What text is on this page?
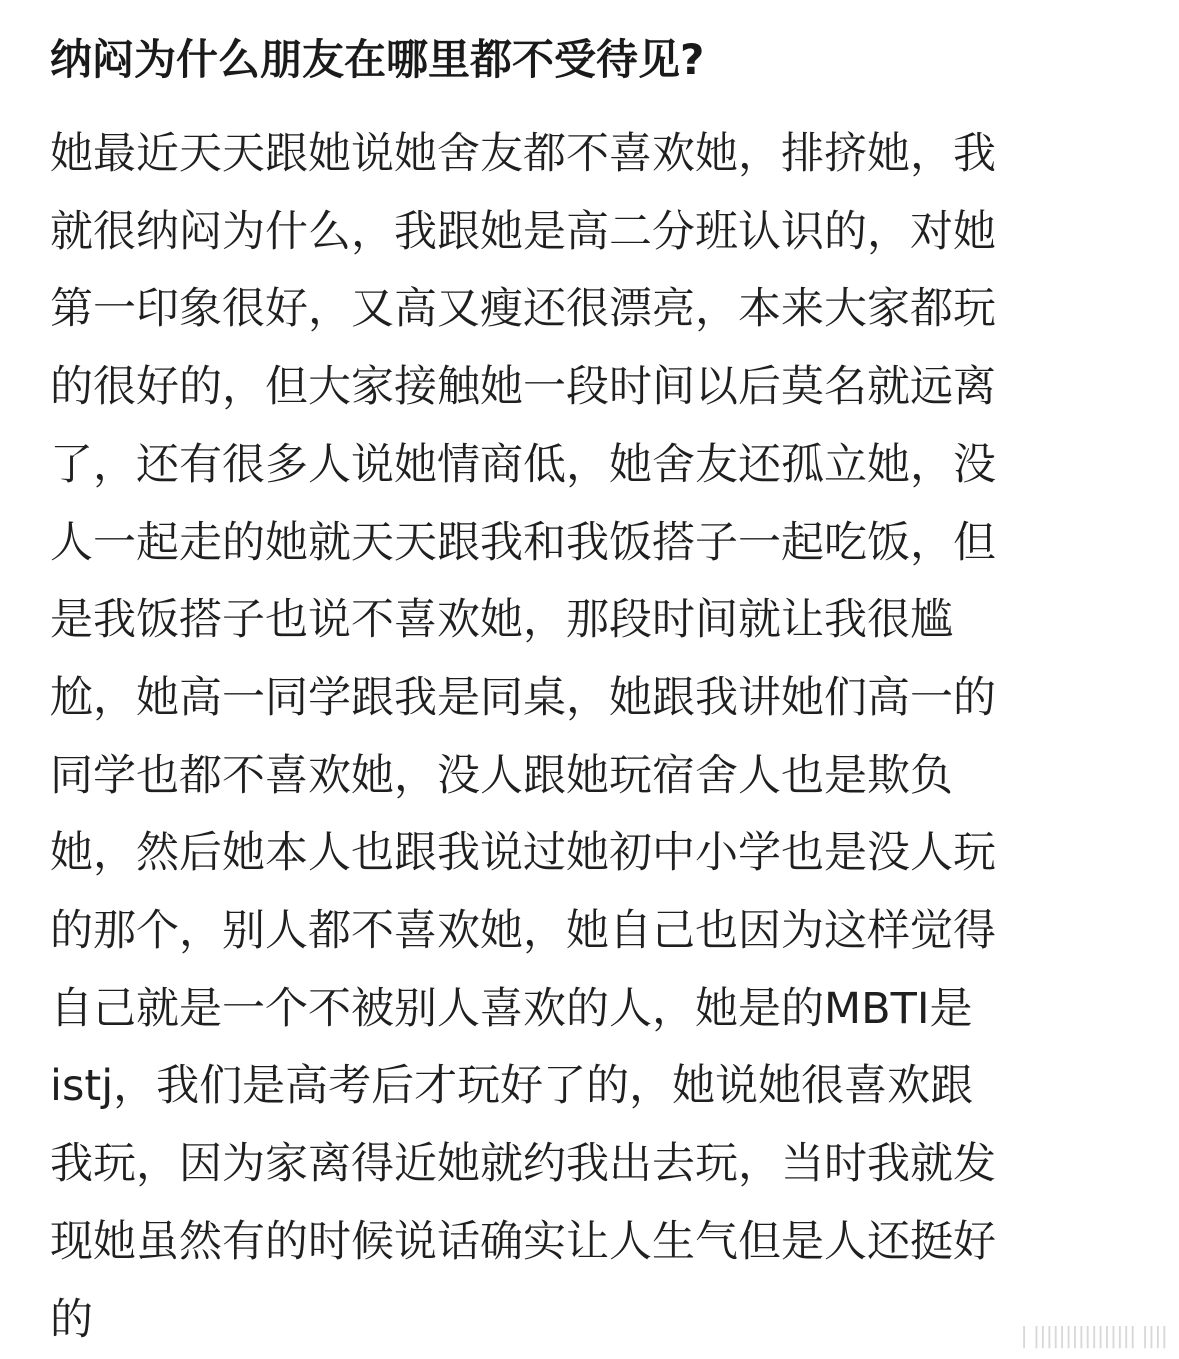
纳闷为什么朋友在哪里都不受待见?
她最近天天跟她说她舍友都不喜欢她，排挤她，我
就很纳闷为什么，我跟她是高二分班认识的，对她
第一印象很好，又高又瘦还很漂亮，本来大家都玩
的很好的，但大家接触她一段时间以后莫名就远离
了，还有很多人说她情商低，她舍友还孤立她，没
人一起走的她就天天跟我和我饭搭子一起吃饭，但
是我饭搭子也说不喜欢她，那段时间就让我很尴
尬，她高一同学跟我是同桌，她跟我讲她们高一的
同学也都不喜欢她，没人跟她玩宿舍人也是欺负
她，然后她本人也跟我说过她初中小学也是没人玩
的那个，别人都不喜欢她，她自己也因为这样觉得
自己就是一个不被别人喜欢的人，她是的MBTI是
istj，我们是高考后才玩好了的，她说她很喜欢跟
我玩，因为家离得近她就约我出去玩，当时我就发
现她虽然有的时候说话确实让人生气但是人还挺好
的	| |||||||||||||||| ||||
